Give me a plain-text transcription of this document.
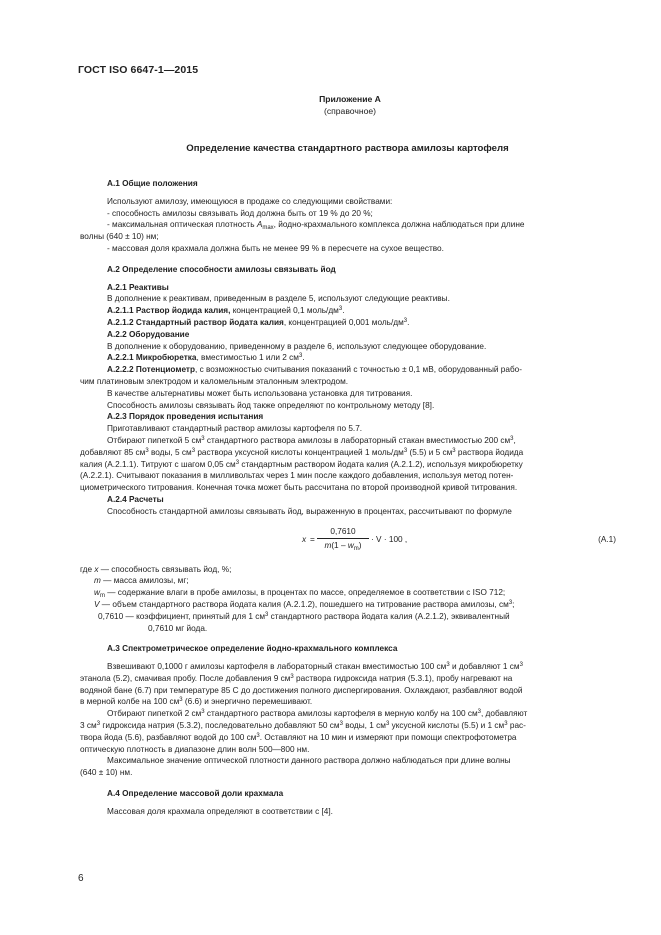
ГОСТ ISO 6647-1—2015
Приложение А
(справочное)
Определение качества стандартного раствора амилозы картофеля

А.1 Общие положения

Используют амилозу, имеющуюся в продаже со следующими свойствами:

- способность амилозы связывать йод должна быть от 19 % до 20 %;

- максимальная оптическая плотность $A_{max}$, йодно-крахмального комплекса должна наблюдаться при длине

волны (640 ± 10) нм;

- массовая доля крахмала должна быть не менее 99 % в пересчете на сухое вещество.

А.2 Определение способности амилозы связывать йод

А.2.1 Реактивы

В дополнение к реактивам, приведенным в разделе 5, используют следующие реактивы.

А.2.1.1 Раствор йодида калия, концентрацией 0,1 моль/$дм^3$.

А.2.1.2 Стандартный раствор йодата калия, концентрацией 0,001 моль/$дм^3$.

А.2.2 Оборудование

В дополнение к оборудованию, приведенному в разделе 6, используют следующее оборудование.

А.2.2.1 Микробюретка, вместимостью 1 или 2 $см^3$.

А.2.2.2 Потенциометр, с возможностью считывания показаний с точностью ± 0,1 мВ, оборудованный рабо-

чим платиновым электродом и каломельным эталонным электродом.

В качестве альтернативы может быть использована установка для титрования.

Способность амилозы связывать йод также определяют по контрольному методу [8].

А.2.3 Порядок проведения испытания

Приготавливают стандартный раствор амилозы картофеля по 5.7.

Отбирают пипеткой 5 $см^3$ стандартного раствора амилозы в лабораторный стакан вместимостью 200 $см^3$,

добавляют 85 $см^3$ воды, 5 $см^3$ раствора уксусной кислоты концентрацией 1 моль/$дм^3$ (5.5) и 5 $см^3$ раствора йодида

калия (А.2.1.1). Титруют с шагом 0,05 $см^3$ стандартным раствором йодата калия (А.2.1.2), используя микробюретку

(А.2.2.1). Считывают показания в милливольтах через 1 мин после каждого добавления, используя метод потен-

циометрического титрования. Конечная точка может быть рассчитана по второй производной кривой титрования.

А.2.4 Расчеты

Способность стандартной амилозы связывать йод, выраженную в процентах, рассчитывают по формуле

$x = \frac{0,7610}{m(1 - w_m)} \cdot V \cdot 100$ ,	(А.1)

где x — способность связывать йод, %;

m — масса амилозы, мг;

$w_m$ — содержание влаги в пробе амилозы, в процентах по массе, определяемое в соответствии с ISO 712;

V — объем стандартного раствора йодата калия (А.2.1.2), пошедшего на титрование раствора амилозы, $см^3$;

0,7610 — коэффициент, принятый для 1 $см^3$ стандартного раствора йодата калия (А.2.1.2), эквивалентный

0,7610 мг йода.

А.3 Спектрометрическое определение йодно-крахмального комплекса

Взвешивают 0,1000 г амилозы картофеля в лабораторный стакан вместимостью 100 $см^3$ и добавляют 1 $см^3$

этанола (5.2), смачивая пробу. После добавления 9 $см^3$ раствора гидроксида натрия (5.3.1), пробу нагревают на

водяной бане (6.7) при температуре 85 С до достижения полного диспергирования. Охлаждают, разбавляют водой

в мерной колбе на 100 $см^3$ (6.6) и энергично перемешивают.

Отбирают пипеткой 2 $см^3$ стандартного раствора амилозы картофеля в мерную колбу на 100 $см^3$, добавляют

3 $см^3$ гидроксида натрия (5.3.2), последовательно добавляют 50 $см^3$ воды, 1 $см^3$ уксусной кислоты (5.5) и 1 $см^3$ рас-

твора йода (5.6), разбавляют водой до 100 $см^3$. Оставляют на 10 мин и измеряют при помощи спектрофотометра

оптическую плотность в диапазоне длин волн 500—800 нм.

Максимальное значение оптической плотности данного раствора должно наблюдаться при длине волны

(640 ± 10) нм.

А.4 Определение массовой доли крахмала

Массовая доля крахмала определяют в соответствии с [4].

6
